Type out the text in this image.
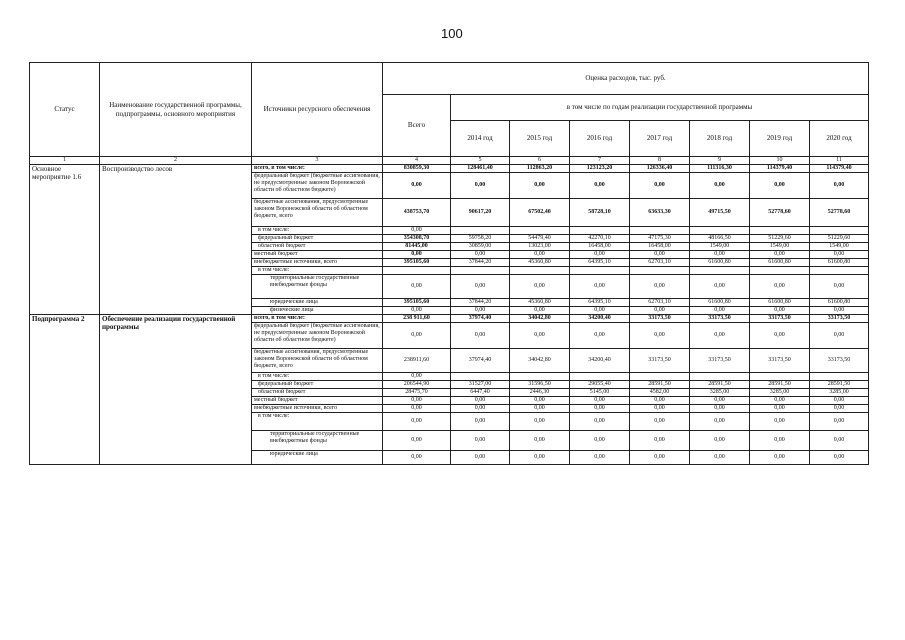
100
Статус	Наименование государственной программы, подпрограммы, основного мероприятия	Источники ресурсного обеспечения	Оценка расходов, тыс. руб.							
			Всего	в том числе по годам реализации государственной программы						
				2014 год	2015 год	2016 год	2017 год	2018 год	2019 год	2020 год
1	2	3	4	5	6	7	8	9	10	11
Основное мероприятие 1.6	Воспроизводство лесов	всего, в том числе:	830859,30	128461,40	112863,20	123123,20	126336,40	111316,30	114379,40	114379,40
		федеральный бюджет (бюджетные ассигнования, не предусмотренные законом Воронежской области об областном бюджете)	0,00	0,00	0,00	0,00	0,00	0,00	0,00	0,00
		бюджетные ассигнования, предусмотренные законом Воронежской области об областном бюджете, всего	438753,70	90617,20	67502,40	58728,10	63633,30	49715,50	52778,60	52778,60
		в том числе:	0,00							
		федеральный бюджет	354308,70	59758,20	54479,40	42270,10	47175,30	48166,50	51229,60	51229,60
		областной бюджет	81445,00	30859,00	13023,00	16458,00	16458,00	1549,00	1549,00	1549,00
		местный бюджет	0,00	0,00	0,00	0,00	0,00	0,00	0,00	0,00
		внебюджетные источники, всего	395105,60	37844,20	45360,80	64395,10	62703,10	61600,80	61600,80	61600,80
		в том числе:								
		территориальные государственные внебюджетные фонды	0,00	0,00	0,00	0,00	0,00	0,00	0,00	0,00
		юридические лица	395105,60	37844,20	45360,80	64395,10	62703,10	61600,80	61600,80	61600,80
		физические лица	0,00	0,00	0,00	0,00	0,00	0,00	0,00	0,00
Подпрограмма 2	Обеспечение реализации государственной программы	всего, в том числе:	238 911,60	37974,40	34042,80	34200,40	33173,50	33173,50	33173,50	33173,50
		федеральный бюджет (бюджетные ассигнования, не предусмотренные законом Воронежской области об областном бюджете)	0,00	0,00	0,00	0,00	0,00	0,00	0,00	0,00
		бюджетные ассигнования, предусмотренные законом Воронежской области об областном бюджете, всего	238911,60	37974,40	34042,80	34200,40	33173,50	33173,50	33173,50	33173,50
		в том числе:	0,00							
		федеральный бюджет	206544,90	31527,00	31596,50	29055,40	28591,50	28591,50	28591,50	28591,50
		областной бюджет	28475,70	6447,40	2446,30	5145,00	4582,00	3285,00	3285,00	3285,00
		местный бюджет	0,00	0,00	0,00	0,00	0,00	0,00	0,00	0,00
		внебюджетные источники, всего	0,00	0,00	0,00	0,00	0,00	0,00	0,00	0,00
		в том числе:	0,00	0,00	0,00	0,00	0,00	0,00	0,00	0,00
		территориальные государственные внебюджетные фонды	0,00	0,00	0,00	0,00	0,00	0,00	0,00	0,00
		юридические лица	0,00	0,00	0,00	0,00	0,00	0,00	0,00	0,00
